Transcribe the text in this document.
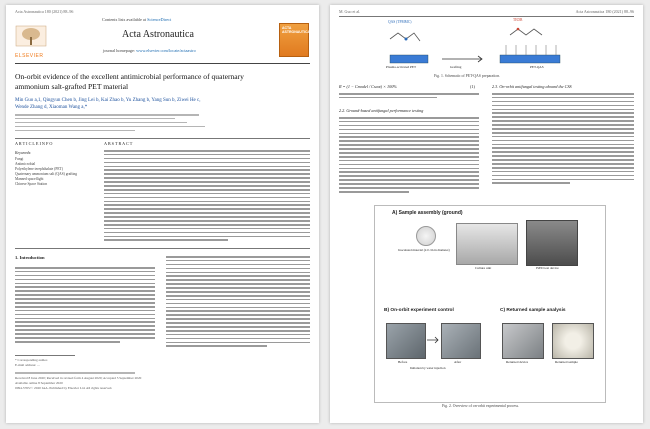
Acta Astronautica 180 (2021) 88–96
ELSEVIER
Contents lists available at ScienceDirect
Acta Astronautica
journal homepage: www.elsevier.com/locate/actaastro
ACTA ASTRONAUTICA
On-orbit evidence of the excellent antimicrobial performance of quaternary
ammonium salt-grafted PET material
Min Guo a,1, Qingyun Chen b, Jing Lei b, Kai Zhao b, Yu Zhang b, Yang Sun b, Ziwei He c,
Wende Zhang d, Xiaoman Wang a,*
A R T I C L E I N F O	A B S T R A C T
Keywords:
Fungi
Antimicrobial
Polyethylene terephthalate (PET)
Quaternary ammonium salt (QAS) grafting
Manned spaceflight
Chinese Space Station
1. Introduction
* Corresponding author.
E-mail address: ...
Received 8 June 2020; Received in revised form 4 August 2020; Accepted 5 September 2020
Available online 8 September 2020
0094-5765/© 2020 IAA. Published by Elsevier Ltd. All rights reserved.
M. Guo et al.	Acta Astronautica 180 (2021) 88–96
QAS (TPMMC)	TEDB
Plasma-activated PET	Grafting	PET-QAS
Fig. 1. Schematic of PET-QAS preparation.
R = (1 − Cmodel / Cseat) × 100%	(1)
2.2. Ground-based antifungal performance testing
2.3. On-orbit antifungal testing aboard the CSS
A) Sample assembly (ground)
Inoculated material (2.0 cm in diameter)
Culture unit	ISED test device
B) On-orbit experiment control
Before	After
Initiation by water injection
C) Returned sample analysis
Returned device	Returned sample
Fig. 2. Overview of on-orbit experimental process.
